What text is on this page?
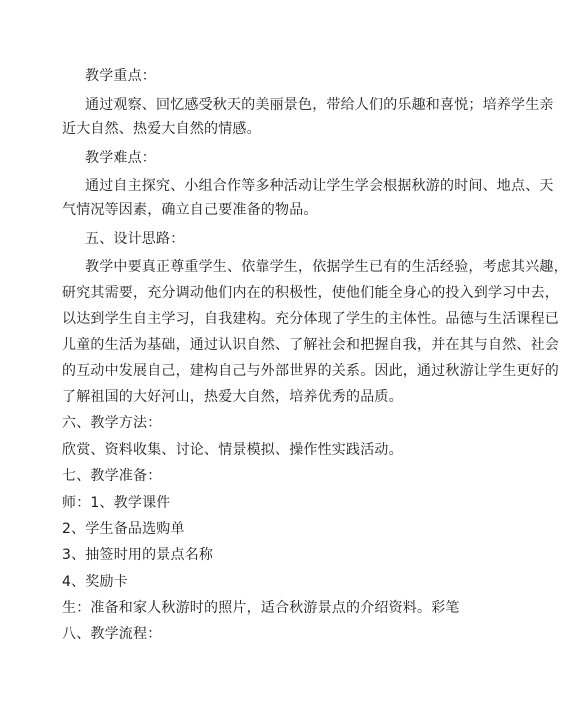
教学重点：
通过观察、回忆感受秋天的美丽景色，带给人们的乐趣和喜悦；培养学生亲
近大自然、热爱大自然的情感。
教学难点：
通过自主探究、小组合作等多种活动让学生学会根据秋游的时间、地点、天
气情况等因素，确立自己要准备的物品。
五、设计思路：
教学中要真正尊重学生、依靠学生，依据学生已有的生活经验，考虑其兴趣，
研究其需要，充分调动他们内在的积极性，使他们能全身心的投入到学习中去，
以达到学生自主学习，自我建构。充分体现了学生的主体性。品德与生活课程已
儿童的生活为基础，通过认识自然、了解社会和把握自我，并在其与自然、社会
的互动中发展自己，建构自己与外部世界的关系。因此，通过秋游让学生更好的
了解祖国的大好河山，热爱大自然，培养优秀的品质。
六、教学方法：
欣赏、资料收集、讨论、情景模拟、操作性实践活动。
七、教学准备：
师：1、教学课件
2、学生备品选购单
3、抽签时用的景点名称
4、奖励卡
生：准备和家人秋游时的照片，适合秋游景点的介绍资料。彩笔
八、教学流程：
